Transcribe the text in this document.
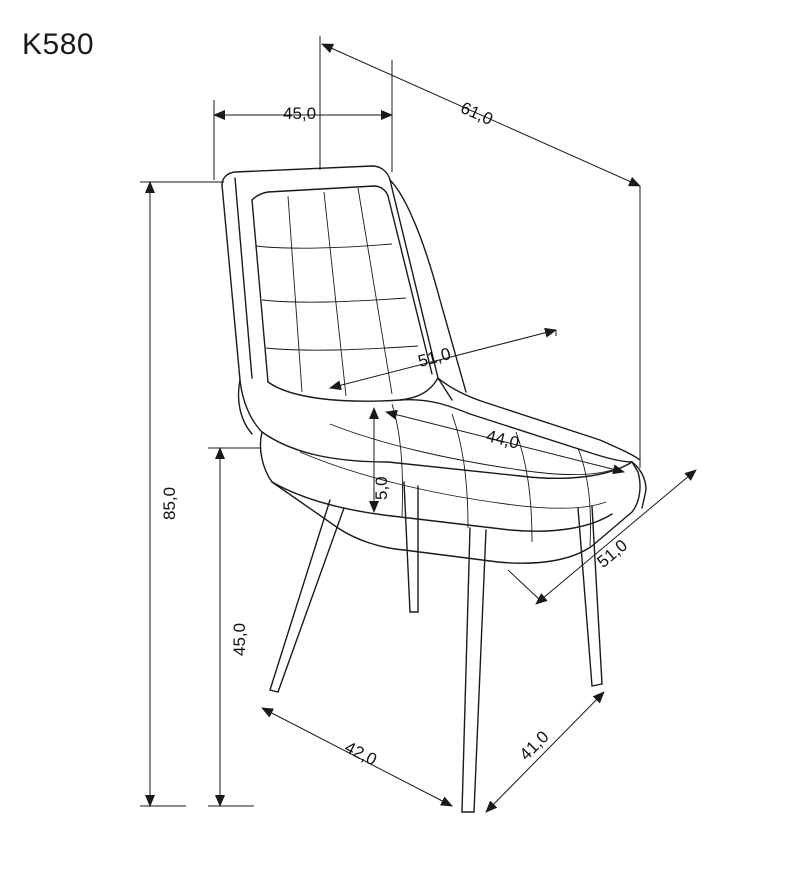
K580
45,0	61,0
51,0
44,0
5,0
51,0
85,0
45,0
42,0	41,0
